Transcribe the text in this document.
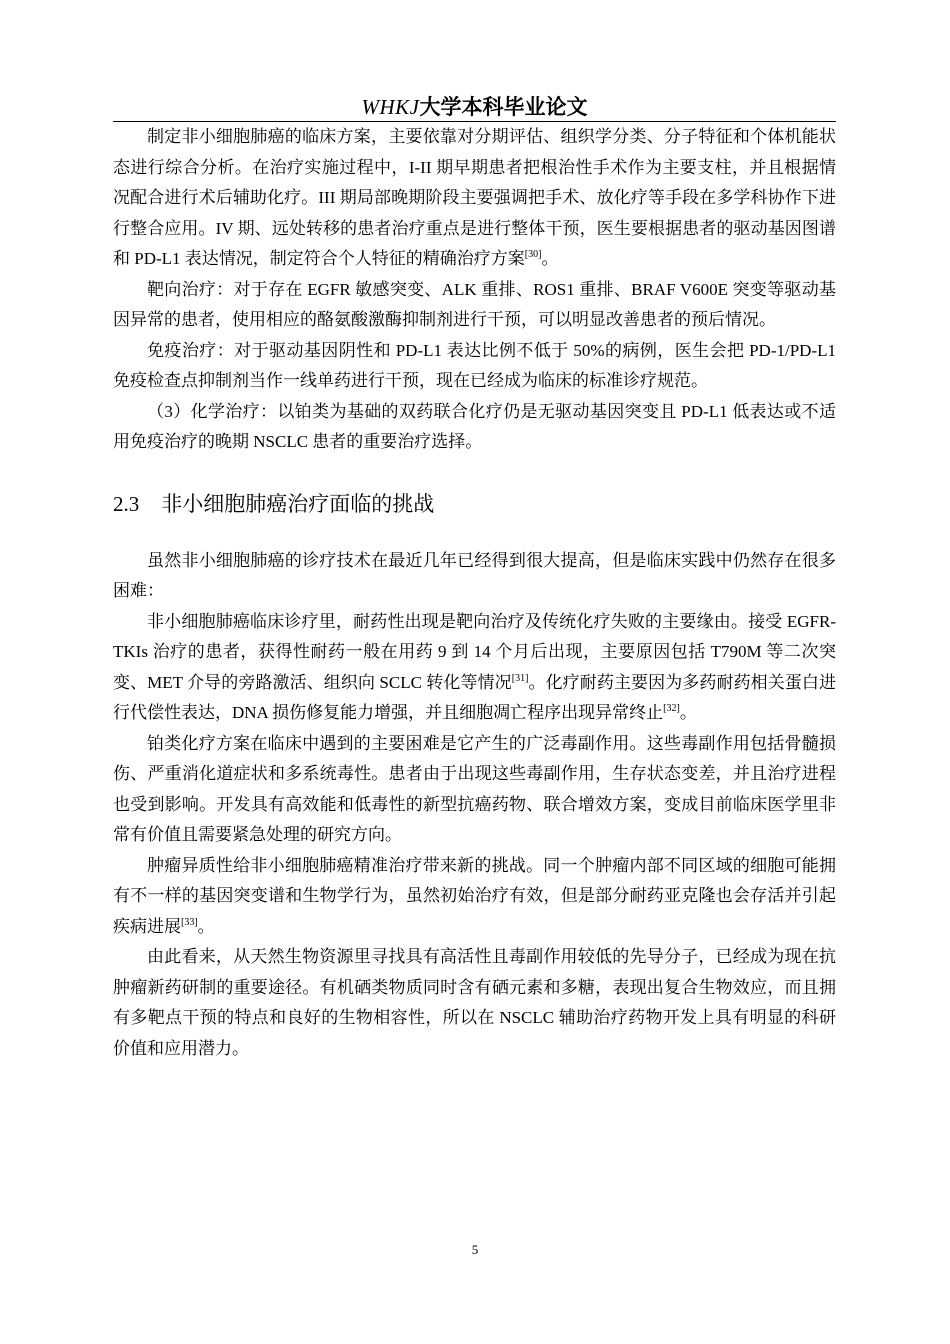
WHKJ大学本科毕业论文

制定非小细胞肺癌的临床方案，主要依靠对分期评估、组织学分类、分子特征和个体机能状态进行综合分析。在治疗实施过程中，I-II 期早期患者把根治性手术作为主要支柱，并且根据情况配合进行术后辅助化疗。III 期局部晚期阶段主要强调把手术、放化疗等手段在多学科协作下进行整合应用。IV 期、远处转移的患者治疗重点是进行整体干预，医生要根据患者的驱动基因图谱和 PD-L1 表达情况，制定符合个人特征的精确治疗方案[30]。

靶向治疗：对于存在 EGFR 敏感突变、ALK 重排、ROS1 重排、BRAF V600E 突变等驱动基因异常的患者，使用相应的酪氨酸激酶抑制剂进行干预，可以明显改善患者的预后情况。

免疫治疗：对于驱动基因阴性和 PD-L1 表达比例不低于 50%的病例，医生会把 PD-1/PD-L1 免疫检查点抑制剂当作一线单药进行干预，现在已经成为临床的标准诊疗规范。

（3）化学治疗：以铂类为基础的双药联合化疗仍是无驱动基因突变且 PD-L1 低表达或不适用免疫治疗的晚期 NSCLC 患者的重要治疗选择。

2.3 非小细胞肺癌治疗面临的挑战

虽然非小细胞肺癌的诊疗技术在最近几年已经得到很大提高，但是临床实践中仍然存在很多困难：

非小细胞肺癌临床诊疗里，耐药性出现是靶向治疗及传统化疗失败的主要缘由。接受 EGFR-TKIs 治疗的患者，获得性耐药一般在用药 9 到 14 个月后出现，主要原因包括 T790M 等二次突变、MET 介导的旁路激活、组织向 SCLC 转化等情况[31]。化疗耐药主要因为多药耐药相关蛋白进行代偿性表达，DNA 损伤修复能力增强，并且细胞凋亡程序出现异常终止[32]。

铂类化疗方案在临床中遇到的主要困难是它产生的广泛毒副作用。这些毒副作用包括骨髓损伤、严重消化道症状和多系统毒性。患者由于出现这些毒副作用，生存状态变差，并且治疗进程也受到影响。开发具有高效能和低毒性的新型抗癌药物、联合增效方案，变成目前临床医学里非常有价值且需要紧急处理的研究方向。

肿瘤异质性给非小细胞肺癌精准治疗带来新的挑战。同一个肿瘤内部不同区域的细胞可能拥有不一样的基因突变谱和生物学行为，虽然初始治疗有效，但是部分耐药亚克隆也会存活并引起疾病进展[33]。

由此看来，从天然生物资源里寻找具有高活性且毒副作用较低的先导分子，已经成为现在抗肿瘤新药研制的重要途径。有机硒类物质同时含有硒元素和多糖，表现出复合生物效应，而且拥有多靶点干预的特点和良好的生物相容性，所以在 NSCLC 辅助治疗药物开发上具有明显的科研价值和应用潜力。

5
